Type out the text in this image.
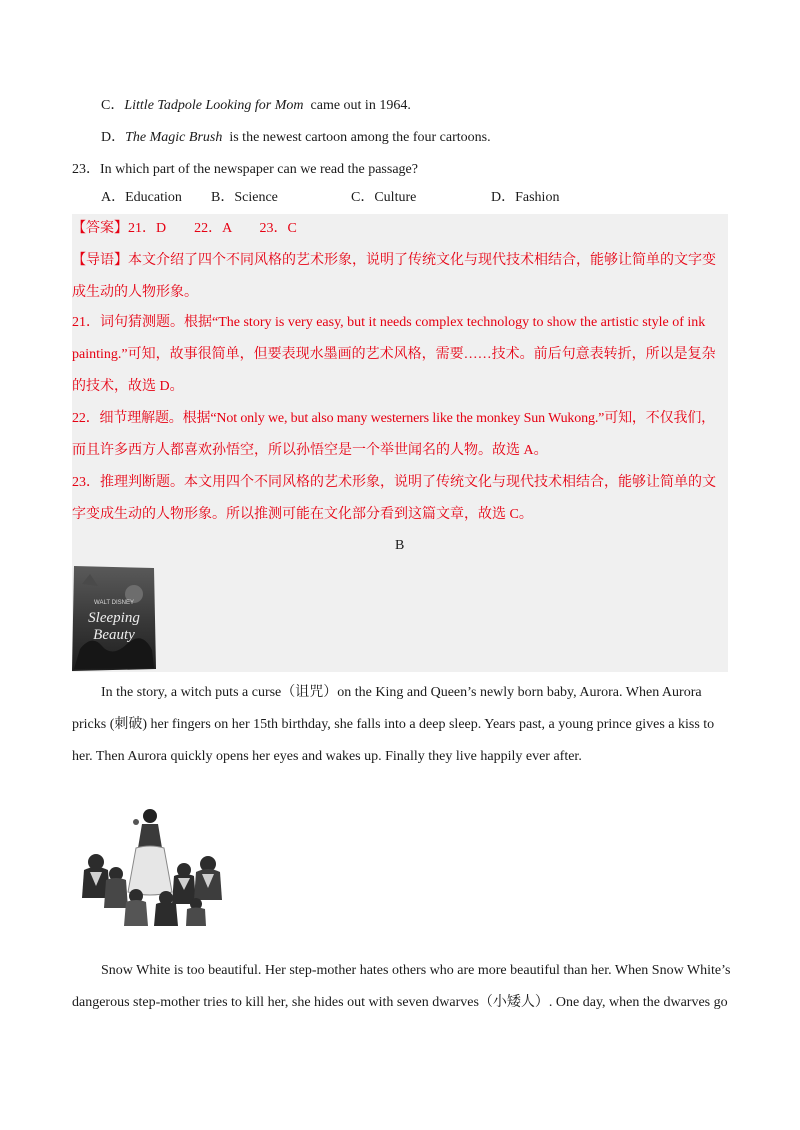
C．Little Tadpole Looking for Mom  came out in 1964.
D．The Magic Brush  is the newest cartoon among the four cartoons.
23．In which part of the newspaper can we read the passage?
A．Education B．Science	C．Culture	D．Fashion
【答案】21．D　　22．A　　23．C
【导语】本文介绍了四个不同风格的艺术形象，说明了传统文化与现代技术相结合，能够让简单的文字变
成生动的人物形象。
21．词句猜测题。根据“The story is very easy, but it needs complex technology to show the artistic style of ink
painting.”可知，故事很简单，但要表现水墨画的艺术风格，需要……技术。前后句意表转折，所以是复杂
的技术，故选 D。
22．细节理解题。根据“Not only we, but also many westerners like the monkey Sun Wukong.”可知，不仅我们，
而且许多西方人都喜欢孙悟空，所以孙悟空是一个举世闻名的人物。故选 A。
23．推理判断题。本文用四个不同风格的艺术形象，说明了传统文化与现代技术相结合，能够让简单的文
字变成生动的人物形象。所以推测可能在文化部分看到这篇文章，故选 C。
B
WALT DISNEY
Sleeping
Beauty
In the story, a witch puts a curse（诅咒）on the King and Queen’s newly born baby, Aurora. When Aurora
pricks (刺破) her fingers on her 15th birthday, she falls into a deep sleep. Years past, a young prince gives a kiss to
her. Then Aurora quickly opens her eyes and wakes up. Finally they live happily ever after.
Snow White is too beautiful. Her step-mother hates others who are more beautiful than her. When Snow White’s
dangerous step-mother tries to kill her, she hides out with seven dwarves（小矮人）. One day, when the dwarves go
